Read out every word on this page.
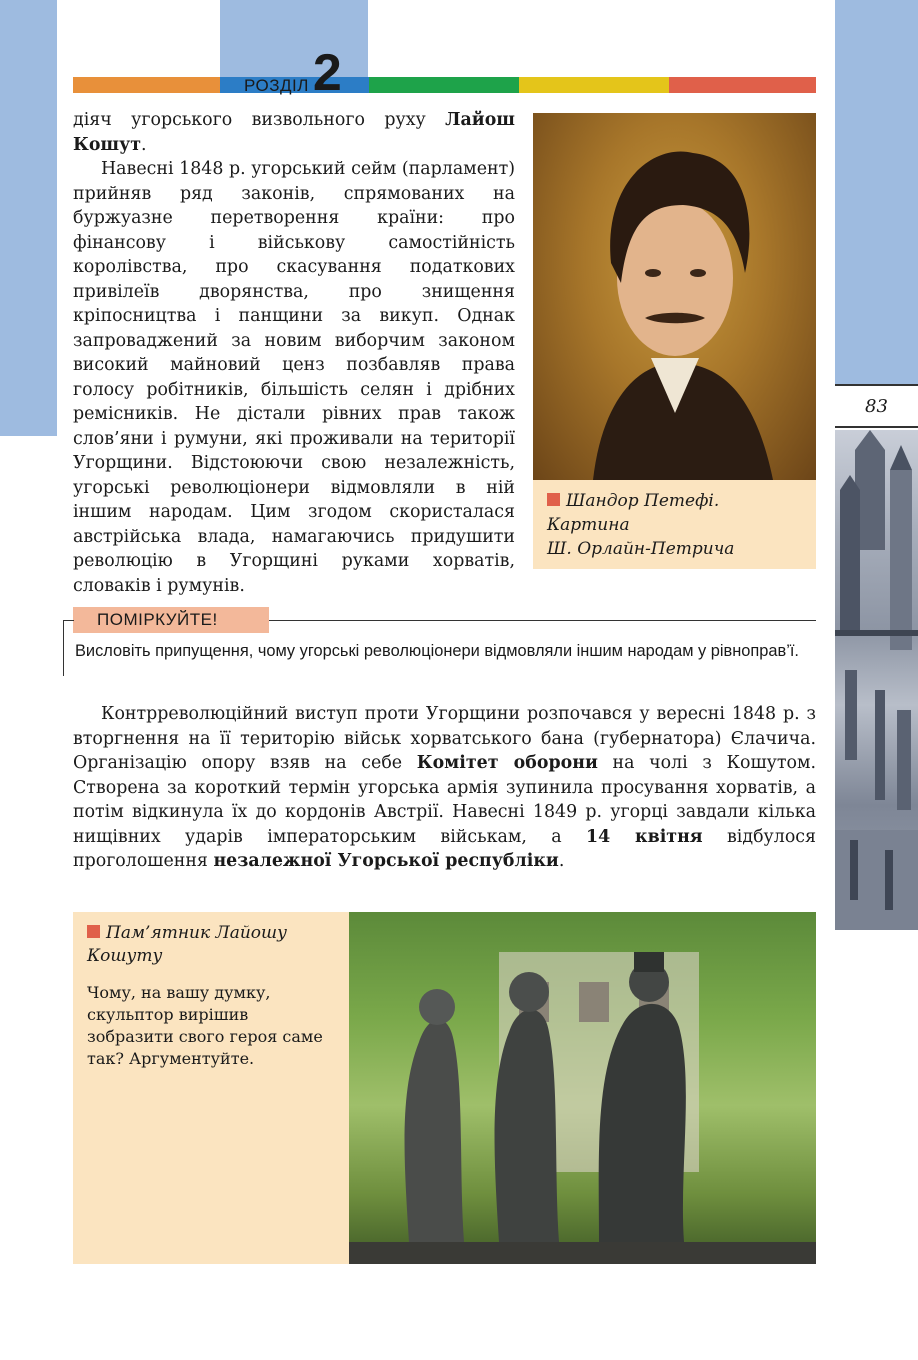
РОЗДІЛ 2
83

діяч угорського визвольного руху Лайош Кошут.

Навесні 1848 р. угорський сейм (парламент) прийняв ряд законів, спрямованих на буржуазне перетворення країни: про фінансову і військову самостійність королівства, про скасування податкових привілеїв дворянства, про знищення кріпосництва і панщини за викуп. Однак запроваджений за новим виборчим законом високий майновий ценз позбавляв права голосу робітників, більшість селян і дрібних ремісників. Не дістали рівних прав також слов’яни і румуни, які проживали на території Угорщини. Відстоюючи свою незалежність, угорські революціонери відмовляли в ній іншим народам. Цим згодом скористалася австрійська влада, намагаючись придушити революцію в Угорщині руками хорватів, словаків і румунів.

Шандор Петефі.
Картина
Ш. Орлайн-Петрича
ПОМІРКУЙТЕ!
Висловіть припущення, чому угорські революціонери відмовляли іншим народам у рівноправ’ї.
Контрреволюційний виступ проти Угорщини розпочався у вересні 1848 р. з вторгнення на її територію військ хорватського бана (губернатора) Єлачича. Організацію опору взяв на себе Комітет оборони на чолі з Кошутом. Створена за короткий термін угорська армія зупинила просування хорватів, а потім відкинула їх до кордонів Австрії. Навесні 1849 р. угорці завдали кілька нищівних ударів імператорським військам, а 14 квітня відбулося проголошення незалежної Угорської республіки.
Пам’ятник Лайошу
Кошуту
Чому, на вашу думку, скульптор вирішив зобразити свого героя саме так? Аргументуйте.
